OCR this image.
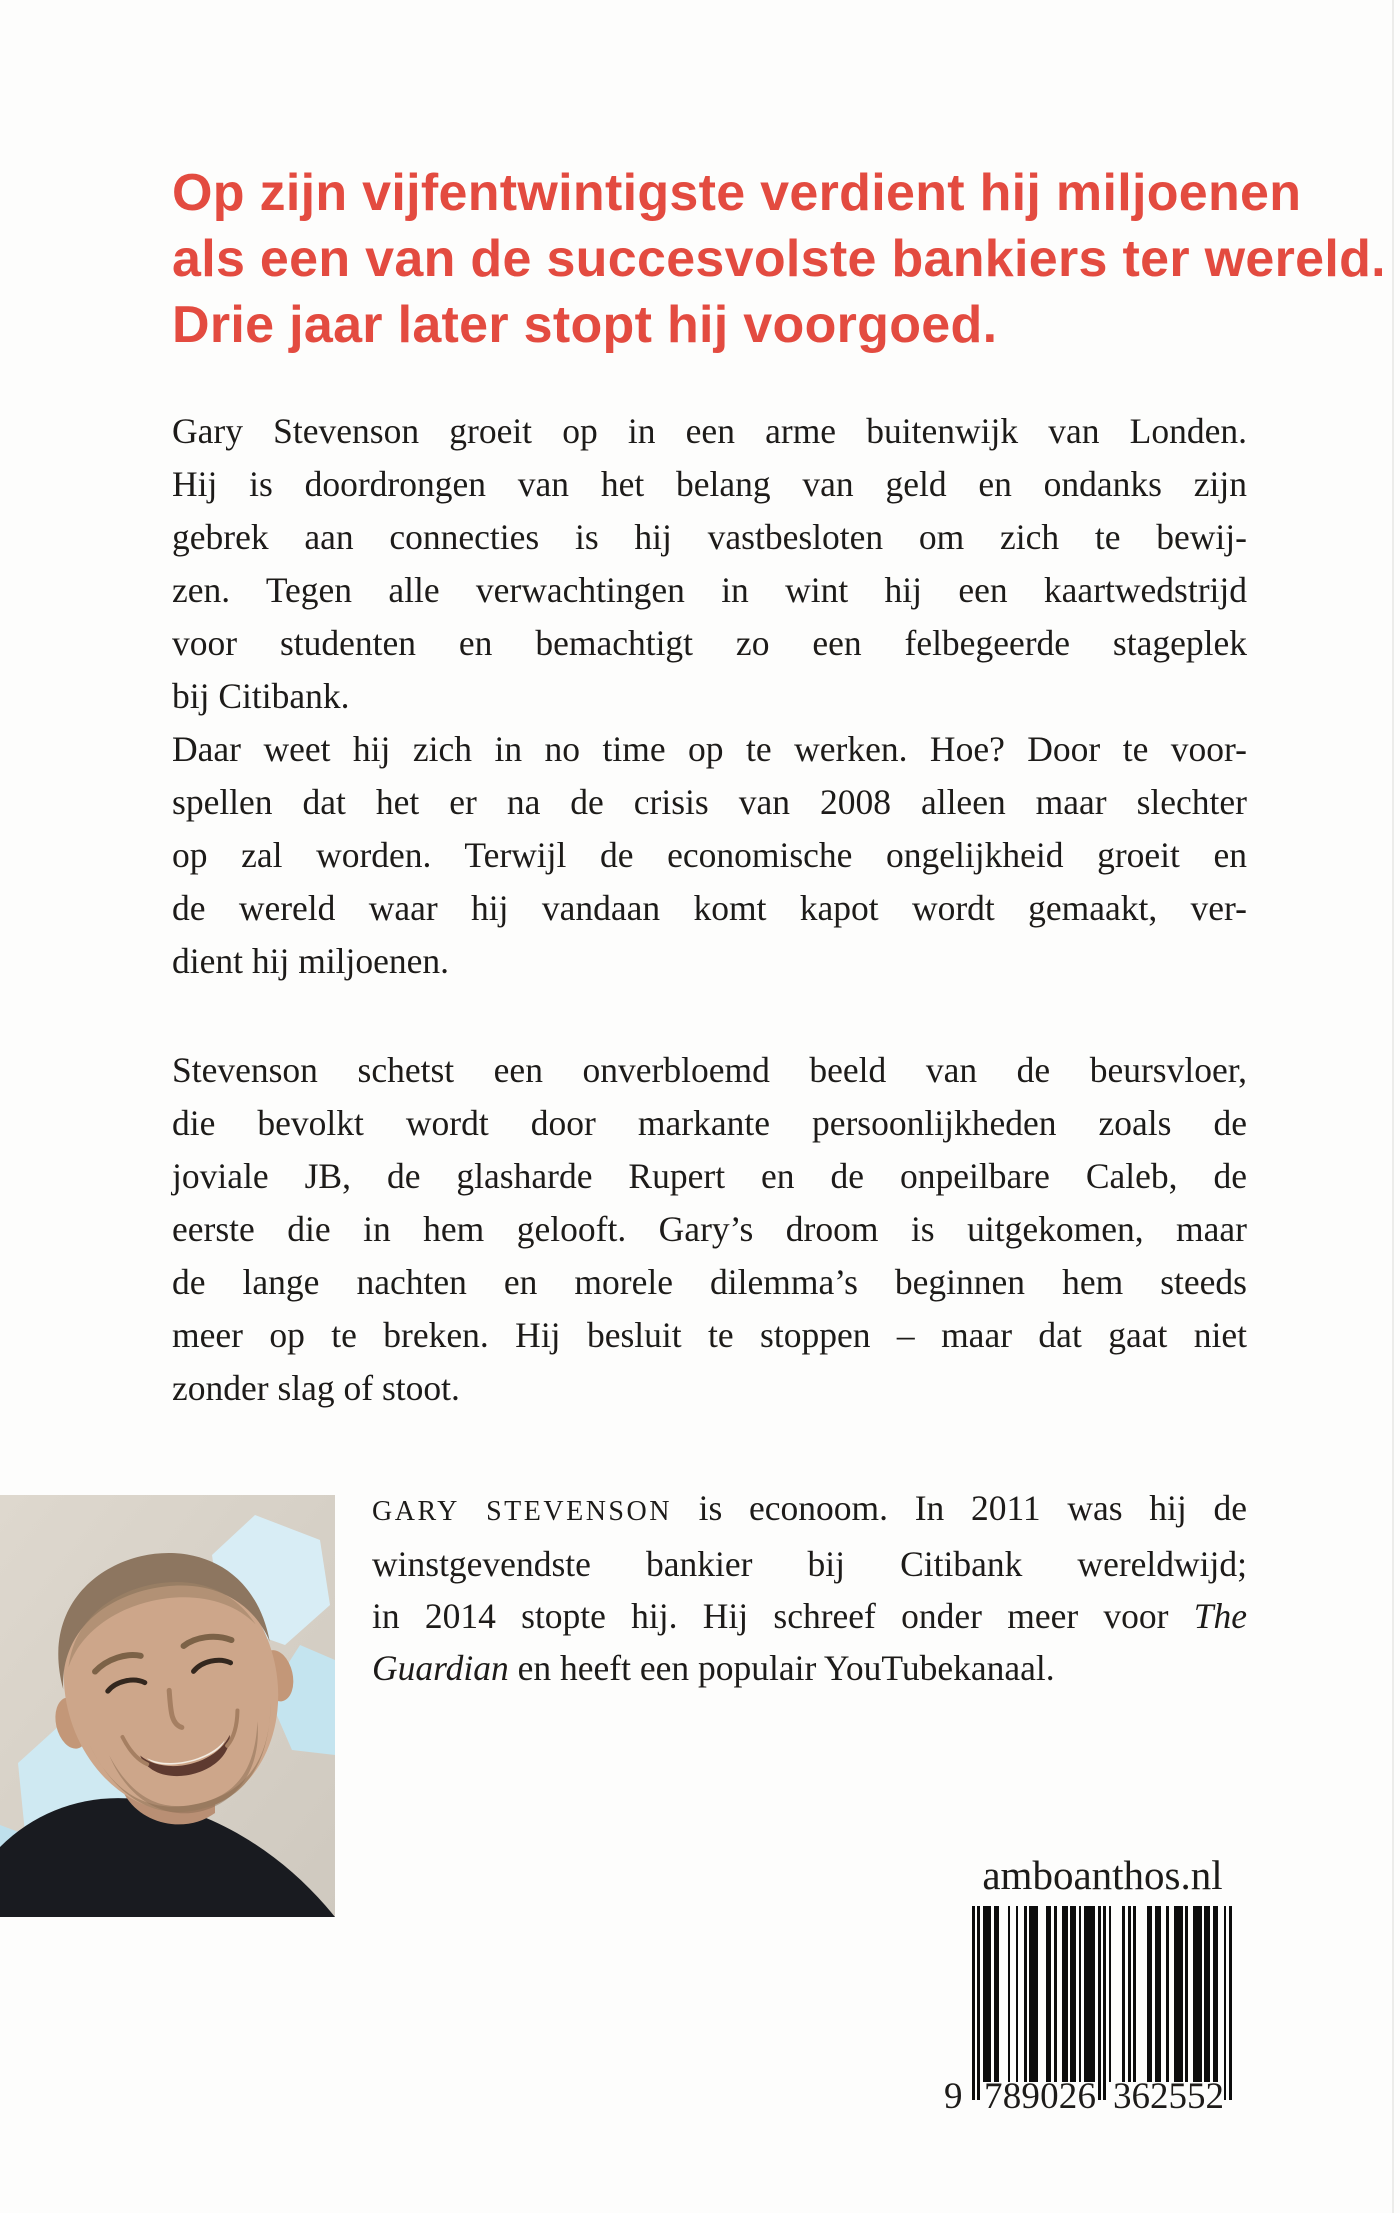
Op zijn vijfentwintigste verdient hij miljoenen
als een van de succesvolste bankiers ter wereld.
Drie jaar later stopt hij voorgoed.
Gary Stevenson groeit op in een arme buitenwijk van Londen.
Hij is doordrongen van het belang van geld en ondanks zijn
gebrek aan connecties is hij vastbesloten om zich te bewij-
zen. Tegen alle verwachtingen in wint hij een kaartwedstrijd
voor studenten en bemachtigt zo een felbegeerde stageplek
bij Citibank.
Daar weet hij zich in no time op te werken. Hoe? Door te voor-
spellen dat het er na de crisis van 2008 alleen maar slechter
op zal worden. Terwijl de economische ongelijkheid groeit en
de wereld waar hij vandaan komt kapot wordt gemaakt, ver-
dient hij miljoenen.
Stevenson schetst een onverbloemd beeld van de beursvloer,
die bevolkt wordt door markante persoonlijkheden zoals de
joviale JB, de glasharde Rupert en de onpeilbare Caleb, de
eerste die in hem gelooft. Gary’s droom is uitgekomen, maar
de lange nachten en morele dilemma’s beginnen hem steeds
meer op te breken. Hij besluit te stoppen – maar dat gaat niet
zonder slag of stoot.
GARY STEVENSON is econoom. In 2011 was hij de
winstgevendste bankier bij Citibank wereldwijd;
in 2014 stopte hij. Hij schreef onder meer voor The
Guardian en heeft een populair YouTubekanaal.
amboanthos.nl
9 7 8 9 0 2 6 3 6 2 5 5 2
